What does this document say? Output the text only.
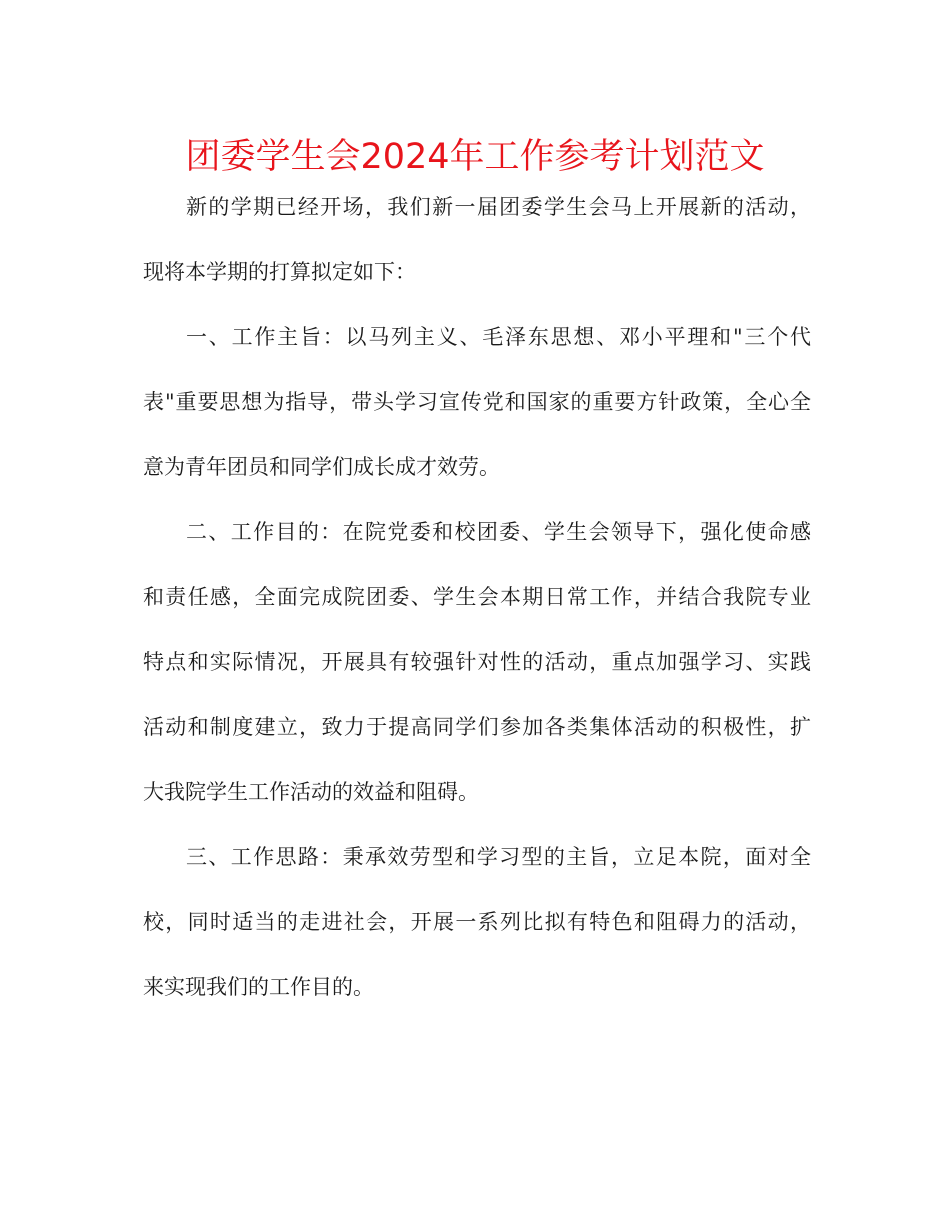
团委学生会2024年工作参考计划范文
新的学期已经开场，我们新一届团委学生会马上开展新的活动，
现将本学期的打算拟定如下：
一、工作主旨：以马列主义、毛泽东思想、邓小平理和"三个代
表"重要思想为指导，带头学习宣传党和国家的重要方针政策，全心全
意为青年团员和同学们成长成才效劳。
二、工作目的：在院党委和校团委、学生会领导下，强化使命感
和责任感，全面完成院团委、学生会本期日常工作，并结合我院专业
特点和实际情况，开展具有较强针对性的活动，重点加强学习、实践
活动和制度建立，致力于提高同学们参加各类集体活动的积极性，扩
大我院学生工作活动的效益和阻碍。
三、工作思路：秉承效劳型和学习型的主旨，立足本院，面对全
校，同时适当的走进社会，开展一系列比拟有特色和阻碍力的活动，
来实现我们的工作目的。
